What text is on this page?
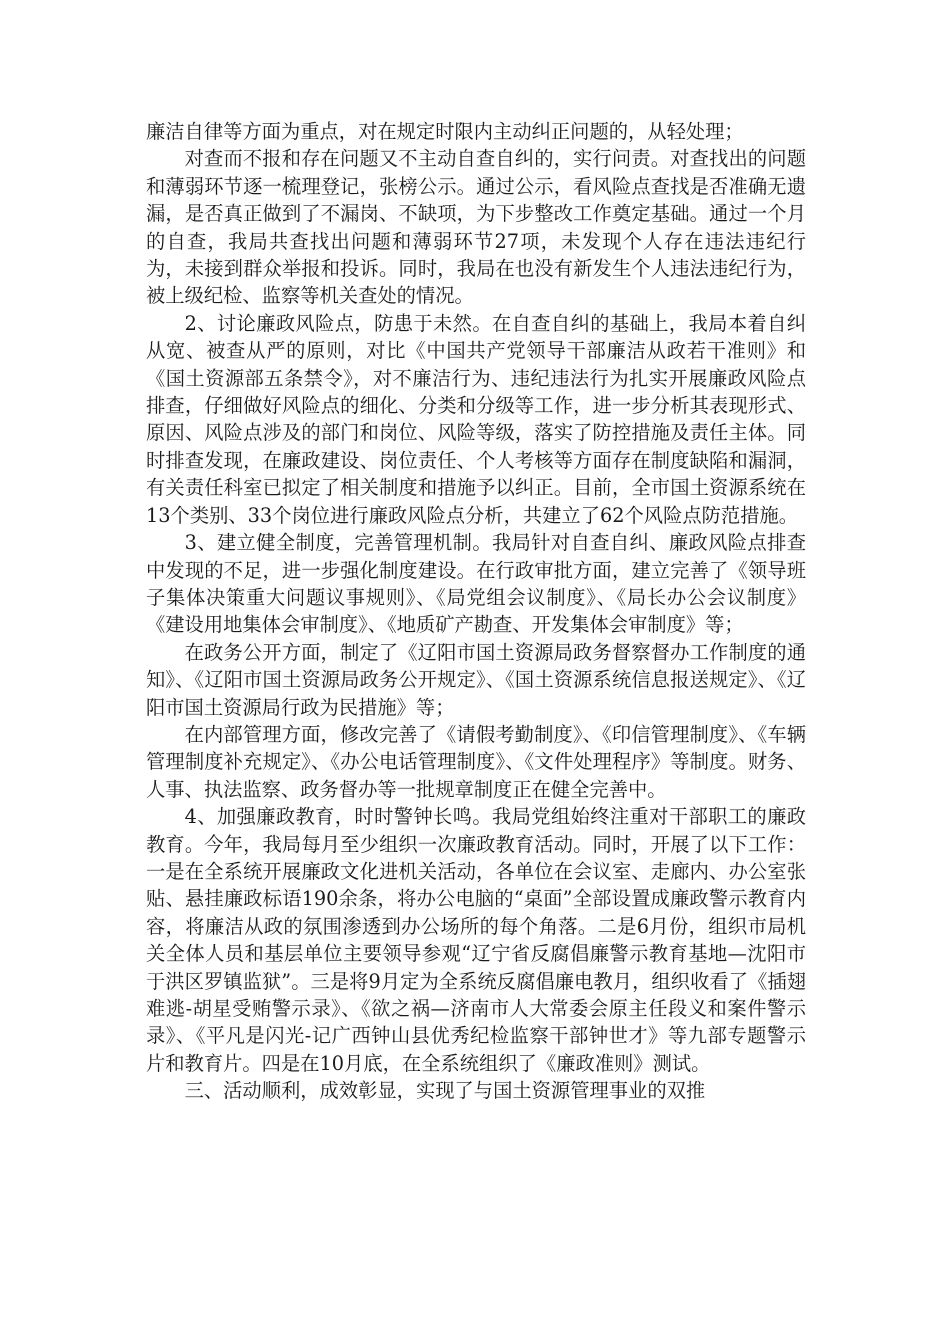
廉洁自律等方面为重点，对在规定时限内主动纠正问题的，从轻处理；

对查而不报和存在问题又不主动自查自纠的，实行问责。对查找出的问题和薄弱环节逐一梳理登记，张榜公示。通过公示，看风险点查找是否准确无遗漏，是否真正做到了不漏岗、不缺项，为下步整改工作奠定基础。通过一个月的自查，我局共查找出问题和薄弱环节27项，未发现个人存在违法违纪行为，未接到群众举报和投诉。同时，我局在也没有新发生个人违法违纪行为，被上级纪检、监察等机关查处的情况。

2、讨论廉政风险点，防患于未然。在自查自纠的基础上，我局本着自纠从宽、被查从严的原则，对比《中国共产党领导干部廉洁从政若干准则》和《国土资源部五条禁令》，对不廉洁行为、违纪违法行为扎实开展廉政风险点排查，仔细做好风险点的细化、分类和分级等工作，进一步分析其表现形式、原因、风险点涉及的部门和岗位、风险等级，落实了防控措施及责任主体。同时排查发现，在廉政建设、岗位责任、个人考核等方面存在制度缺陷和漏洞，有关责任科室已拟定了相关制度和措施予以纠正。目前，全市国土资源系统在13个类别、33个岗位进行廉政风险点分析，共建立了62个风险点防范措施。

3、建立健全制度，完善管理机制。我局针对自查自纠、廉政风险点排查中发现的不足，进一步强化制度建设。在行政审批方面，建立完善了《领导班子集体决策重大问题议事规则》、《局党组会议制度》、《局长办公会议制度》《建设用地集体会审制度》、《地质矿产勘查、开发集体会审制度》等；

在政务公开方面，制定了《辽阳市国土资源局政务督察督办工作制度的通知》、《辽阳市国土资源局政务公开规定》、《国土资源系统信息报送规定》、《辽阳市国土资源局行政为民措施》等；

在内部管理方面，修改完善了《请假考勤制度》、《印信管理制度》、《车辆管理制度补充规定》、《办公电话管理制度》、《文件处理程序》等制度。财务、人事、执法监察、政务督办等一批规章制度正在健全完善中。

4、加强廉政教育，时时警钟长鸣。我局党组始终注重对干部职工的廉政教育。今年，我局每月至少组织一次廉政教育活动。同时，开展了以下工作：一是在全系统开展廉政文化进机关活动，各单位在会议室、走廊内、办公室张贴、悬挂廉政标语190余条，将办公电脑的“桌面”全部设置成廉政警示教育内容，将廉洁从政的氛围渗透到办公场所的每个角落。二是6月份，组织市局机关全体人员和基层单位主要领导参观“辽宁省反腐倡廉警示教育基地—沈阳市于洪区罗镇监狱”。三是将9月定为全系统反腐倡廉电教月，组织收看了《插翅难逃-胡星受贿警示录》、《欲之祸—济南市人大常委会原主任段义和案件警示录》、《平凡是闪光-记广西钟山县优秀纪检监察干部钟世才》等九部专题警示片和教育片。四是在10月底，在全系统组织了《廉政准则》测试。

三、活动顺利，成效彰显，实现了与国土资源管理事业的双推
